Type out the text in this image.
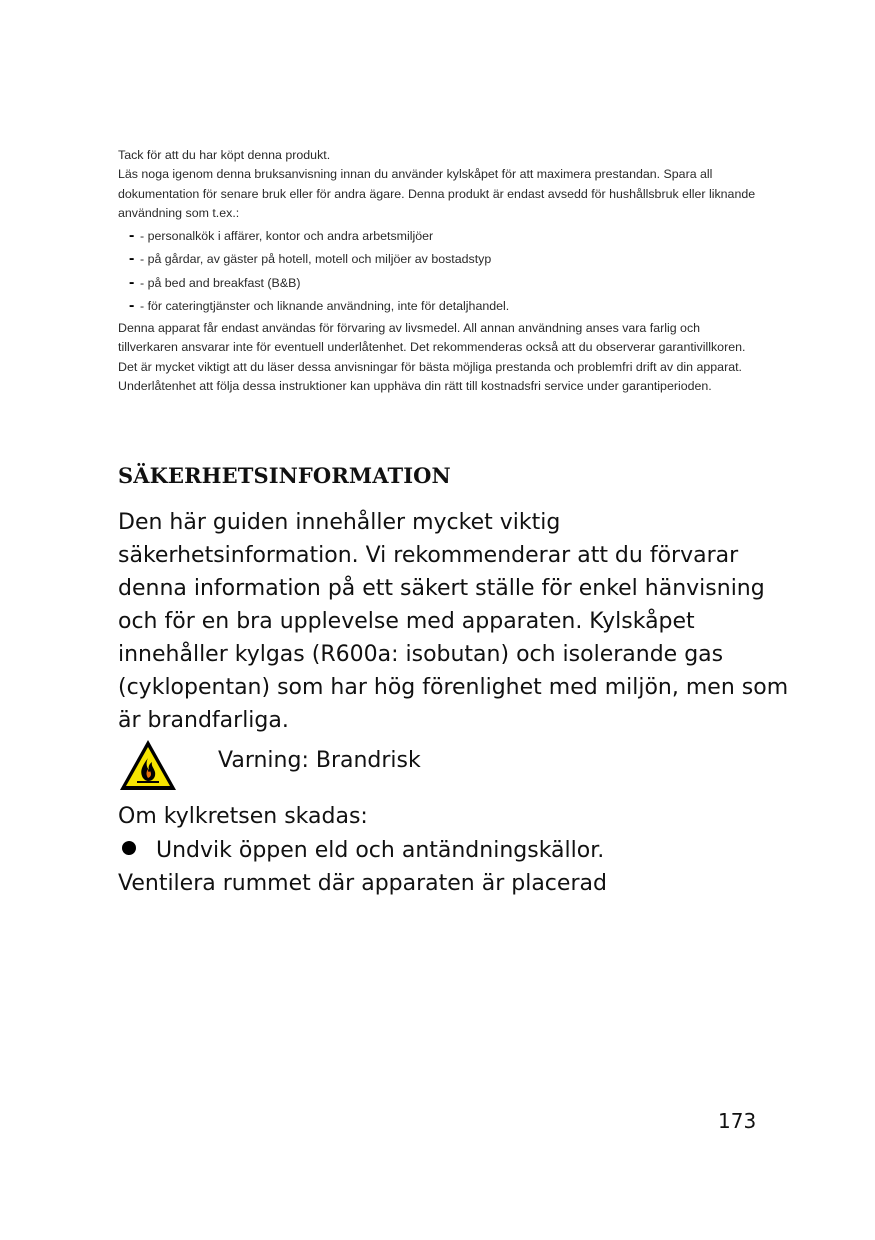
Tack för att du har köpt denna produkt.

Läs noga igenom denna bruksanvisning innan du använder kylskåpet för att maximera prestandan. Spara all dokumentation för senare bruk eller för andra ägare. Denna produkt är endast avsedd för hushållsbruk eller liknande användning som t.ex.:

- - personalkök i affärer, kontor och andra arbetsmiljöer
- - på gårdar, av gäster på hotell, motell och miljöer av bostadstyp
- - på bed and breakfast (B&B)
- - för cateringtjänster och liknande användning, inte för detaljhandel.

Denna apparat får endast användas för förvaring av livsmedel. All annan användning anses vara farlig och tillverkaren ansvarar inte för eventuell underlåtenhet. Det rekommenderas också att du observerar garantivillkoren. Det är mycket viktigt att du läser dessa anvisningar för bästa möjliga prestanda och problemfri drift av din apparat. Underlåtenhet att följa dessa instruktioner kan upphäva din rätt till kostnadsfri service under garantiperioden.

SÄKERHETSINFORMATION

Den här guiden innehåller mycket viktig säkerhetsinformation. Vi rekommenderar att du förvarar denna information på ett säkert ställe för enkel hänvisning och för en bra upplevelse med apparaten. Kylskåpet innehåller kylgas (R600a: isobutan) och isolerande gas (cyklopentan) som har hög förenlighet med miljön, men som är brandfarliga.

Varning: Brandrisk

Om kylkretsen skadas:

Undvik öppen eld och antändningskällor.

Ventilera rummet där apparaten är placerad

173
